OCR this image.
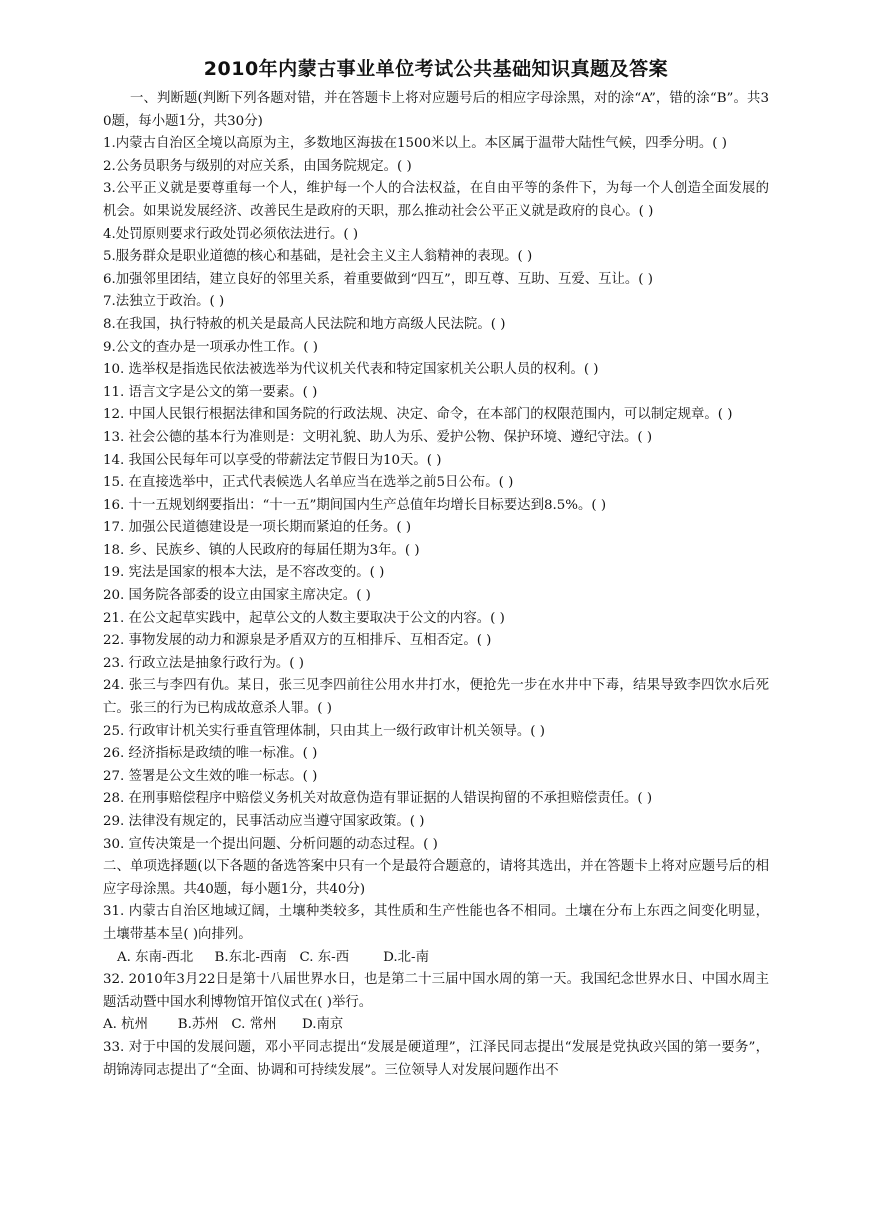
2010年内蒙古事业单位考试公共基础知识真题及答案

一、判断题(判断下列各题对错，并在答题卡上将对应题号后的相应字母涂黑，对的涂“A”，错的涂“B”。共30题，每小题1分，共30分)

1.内蒙古自治区全境以高原为主，多数地区海拔在1500米以上。本区属于温带大陆性气候，四季分明。( )

2.公务员职务与级别的对应关系，由国务院规定。( )

3.公平正义就是要尊重每一个人，维护每一个人的合法权益，在自由平等的条件下，为每一个人创造全面发展的机会。如果说发展经济、改善民生是政府的天职，那么推动社会公平正义就是政府的良心。( )

4.处罚原则要求行政处罚必须依法进行。( )

5.服务群众是职业道德的核心和基础，是社会主义主人翁精神的表现。( )

6.加强邻里团结，建立良好的邻里关系，着重要做到“四互”，即互尊、互助、互爱、互让。( )

7.法独立于政治。( )

8.在我国，执行特赦的机关是最高人民法院和地方高级人民法院。( )

9.公文的查办是一项承办性工作。( )

10. 选举权是指选民依法被选举为代议机关代表和特定国家机关公职人员的权利。( )

11. 语言文字是公文的第一要素。( )

12. 中国人民银行根据法律和国务院的行政法规、决定、命令，在本部门的权限范围内，可以制定规章。( )

13. 社会公德的基本行为准则是：文明礼貌、助人为乐、爱护公物、保护环境、遵纪守法。( )

14. 我国公民每年可以享受的带薪法定节假日为10天。( )

15. 在直接选举中，正式代表候选人名单应当在选举之前5日公布。( )

16. 十一五规划纲要指出：“十一五”期间国内生产总值年均增长目标要达到8.5%。( )

17. 加强公民道德建设是一项长期而紧迫的任务。( )

18. 乡、民族乡、镇的人民政府的每届任期为3年。( )

19. 宪法是国家的根本大法，是不容改变的。( )

20. 国务院各部委的设立由国家主席决定。( )

21. 在公文起草实践中，起草公文的人数主要取决于公文的内容。( )

22. 事物发展的动力和源泉是矛盾双方的互相排斥、互相否定。( )

23. 行政立法是抽象行政行为。( )

24. 张三与李四有仇。某日，张三见李四前往公用水井打水，便抢先一步在水井中下毒，结果导致李四饮水后死亡。张三的行为已构成故意杀人罪。( )

25. 行政审计机关实行垂直管理体制，只由其上一级行政审计机关领导。( )

26. 经济指标是政绩的唯一标准。( )

27. 签署是公文生效的唯一标志。( )

28. 在刑事赔偿程序中赔偿义务机关对故意伪造有罪证据的人错误拘留的不承担赔偿责任。( )

29. 法律没有规定的，民事活动应当遵守国家政策。( )

30. 宣传决策是一个提出问题、分析问题的动态过程。( )

二、单项选择题(以下各题的备选答案中只有一个是最符合题意的，请将其选出，并在答题卡上将对应题号后的相应字母涂黑。共40题，每小题1分，共40分)

31. 内蒙古自治区地域辽阔，土壤种类较多，其性质和生产性能也各不相同。土壤在分布上东西之间变化明显，土壤带基本呈( )向排列。

A. 东南-西北     B.东北-西南   C. 东-西        D.北-南

32. 2010年3月22日是第十八届世界水日，也是第二十三届中国水周的第一天。我国纪念世界水日、中国水周主题活动暨中国水利博物馆开馆仪式在( )举行。

A. 杭州       B.苏州   C. 常州      D.南京

33. 对于中国的发展问题，邓小平同志提出“发展是硬道理”，江泽民同志提出“发展是党执政兴国的第一要务”，胡锦涛同志提出了“全面、协调和可持续发展”。三位领导人对发展问题作出不
